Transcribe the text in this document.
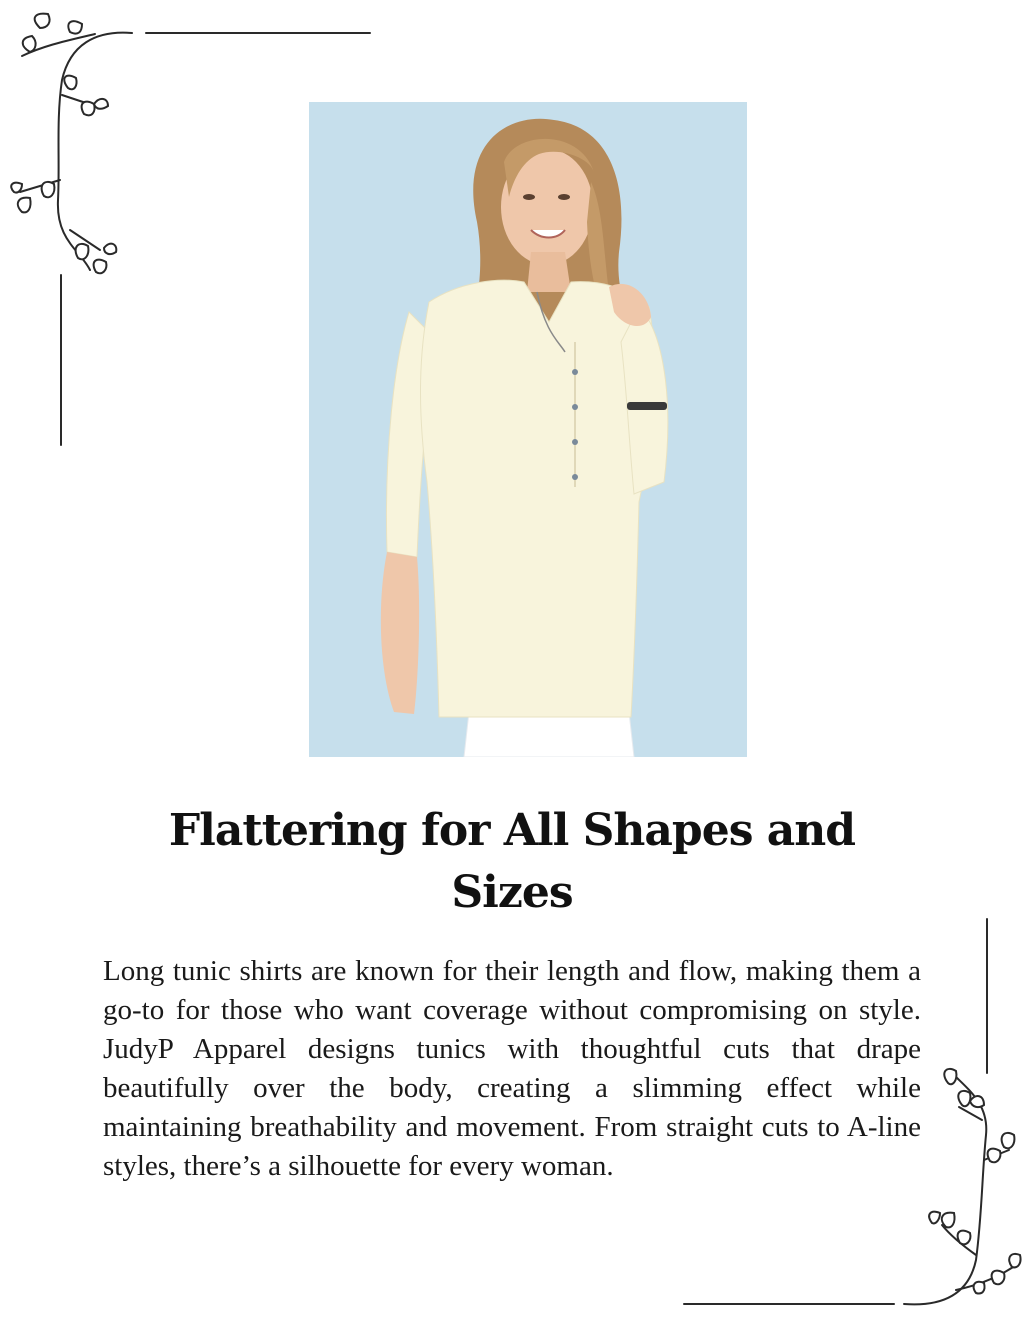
Flattering for All Shapes and Sizes

Long tunic shirts are known for their length and flow, making them a go-to for those who want coverage without compromising on style. JudyP Apparel designs tunics with thoughtful cuts that drape beautifully over the body, creating a slimming effect while maintaining breathability and movement. From straight cuts to A-line styles, there’s a silhouette for every woman.
